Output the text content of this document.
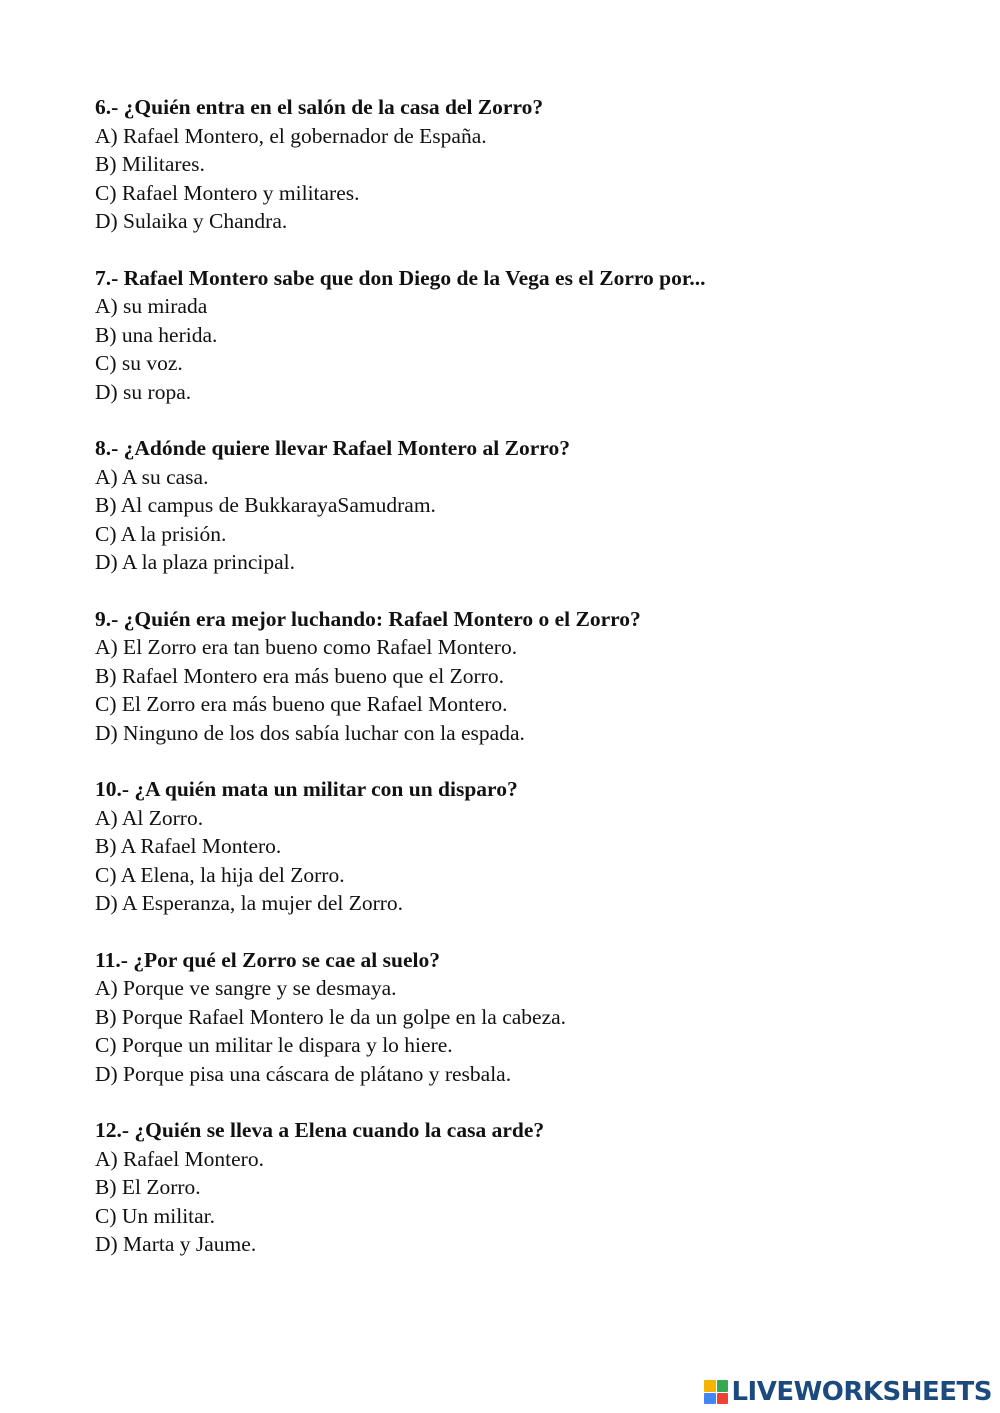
6.- ¿Quién entra en el salón de la casa del Zorro?

A) Rafael Montero, el gobernador de España.

B) Militares.

C) Rafael Montero y militares.

D) Sulaika y Chandra.

7.- Rafael Montero sabe que don Diego de la Vega es el Zorro por...

A) su mirada

B) una herida.

C) su voz.

D) su ropa.

8.- ¿Adónde quiere llevar Rafael Montero al Zorro?

A) A su casa.

B) Al campus de BukkarayaSamudram.

C) A la prisión.

D) A la plaza principal.

9.- ¿Quién era mejor luchando: Rafael Montero o el Zorro?

A) El Zorro era tan bueno como Rafael Montero.

B) Rafael Montero era más bueno que el Zorro.

C) El Zorro era más bueno que Rafael Montero.

D) Ninguno de los dos sabía luchar con la espada.

10.- ¿A quién mata un militar con un disparo?

A) Al Zorro.

B) A Rafael Montero.

C) A Elena, la hija del Zorro.

D) A Esperanza, la mujer del Zorro.

11.- ¿Por qué el Zorro se cae al suelo?

A) Porque ve sangre y se desmaya.

B) Porque Rafael Montero le da un golpe en la cabeza.

C) Porque un militar le dispara y lo hiere.

D) Porque pisa una cáscara de plátano y resbala.

12.- ¿Quién se lleva a Elena cuando la casa arde?

A) Rafael Montero.

B) El Zorro.

C) Un militar.

D) Marta y Jaume.

LIVEWORKSHEETS
